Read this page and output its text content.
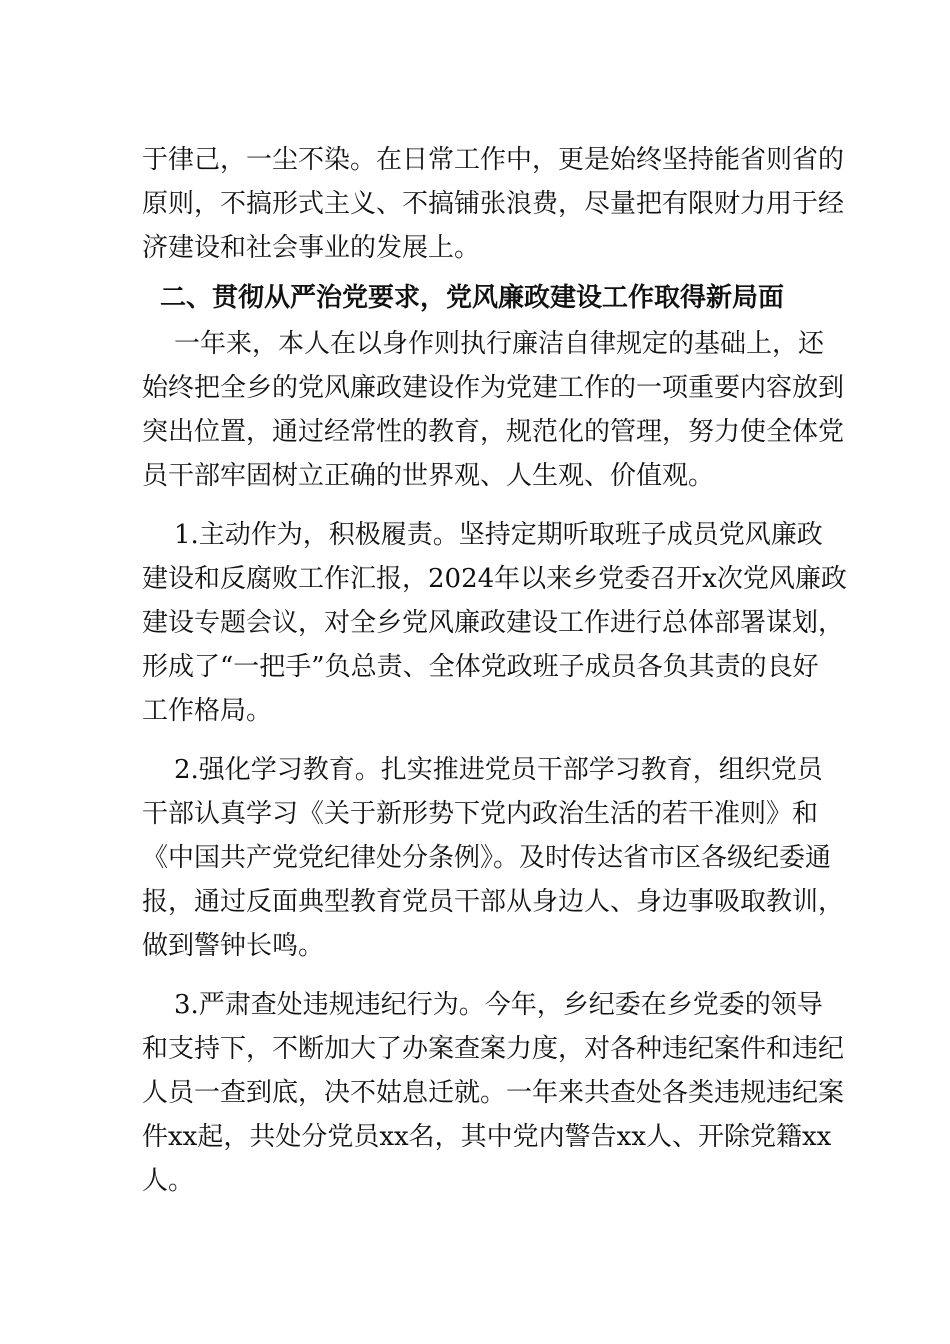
于律己，一尘不染。在日常工作中，更是始终坚持能省则省的
原则，不搞形式主义、不搞铺张浪费，尽量把有限财力用于经
济建设和社会事业的发展上。
二、贯彻从严治党要求，党风廉政建设工作取得新局面
一年来，本人在以身作则执行廉洁自律规定的基础上，还
始终把全乡的党风廉政建设作为党建工作的一项重要内容放到
突出位置，通过经常性的教育，规范化的管理，努力使全体党
员干部牢固树立正确的世界观、人生观、价值观。
1.主动作为，积极履责。坚持定期听取班子成员党风廉政
建设和反腐败工作汇报，2024年以来乡党委召开x次党风廉政
建设专题会议，对全乡党风廉政建设工作进行总体部署谋划，
形成了“一把手”负总责、全体党政班子成员各负其责的良好
工作格局。
2.强化学习教育。扎实推进党员干部学习教育，组织党员
干部认真学习《关于新形势下党内政治生活的若干准则》和
《中国共产党党纪律处分条例》。及时传达省市区各级纪委通
报，通过反面典型教育党员干部从身边人、身边事吸取教训，
做到警钟长鸣。
3.严肃查处违规违纪行为。今年，乡纪委在乡党委的领导
和支持下，不断加大了办案查案力度，对各种违纪案件和违纪
人员一查到底，决不姑息迁就。一年来共查处各类违规违纪案
件xx起，共处分党员xx名，其中党内警告xx人、开除党籍xx
人。
